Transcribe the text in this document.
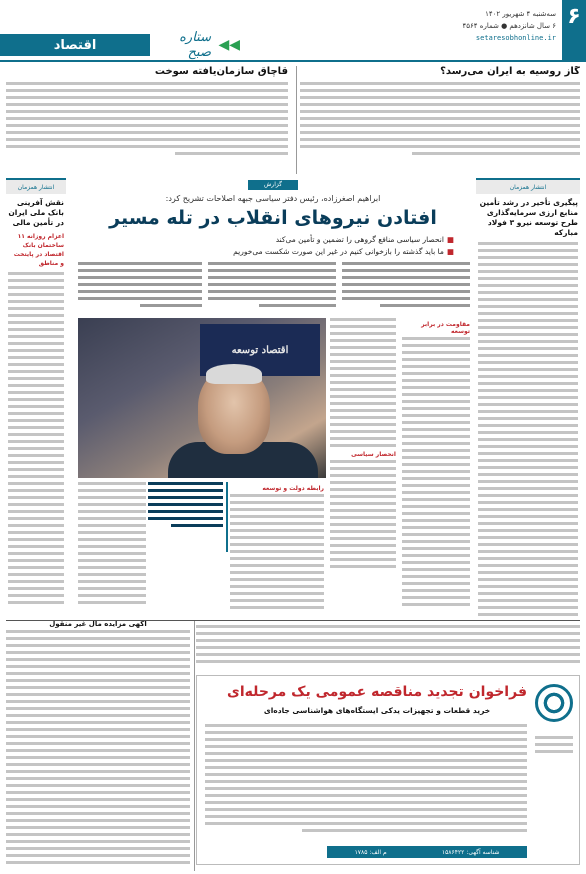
۶
سه‌شنبه ۴ شهریور ۱۴۰۲
۶ سال شانزدهم ● شماره ۴۵۶۴
setaresobhonline.ir
اقتصاد	ستاره صبح ◀◀
گاز روسیه به ایران می‌رسد؟
قاچاق سازمان‌یافته سوخت
انتشار همزمان
پیگیری تأخیر در رشد تأمین منابع ارزی سرمایه‌گذاری طرح توسعه نیرو ۳ فولاد مبارکه
انتشار همزمان
نقش آفرینی بانک ملی ایران در تأمین مالی
اعزام روزانه ۱۱ ساختمان بانک اقتصاد در پایتخت و مناطق
گزارش
ابراهیم اصغرزاده، رئیس دفتر سیاسی جبهه اصلاحات تشریح کرد:
افتادن نیروهای انقلاب در تله مسیر
■انحصار سیاسی منافع گروهی را تضمین و تأمین می‌کند
■ما باید گذشته را بازخوانی کنیم در غیر این صورت شکست می‌خوریم
اقتصاد توسعه
مقاومت در برابر توسعه
انحصار سیاسی
رابطه دولت و توسعه
آگهی مزایده مال غیر منقول
فراخوان تجدید مناقصه عمومی یک مرحله‌ای
خرید قطعات و تجهیزات یدکی ایستگاه‌های هواشناسی جاده‌ای
شناسه آگهی: ۱۵۸۶۴۲۲
م الف: ۱۷۸۵
